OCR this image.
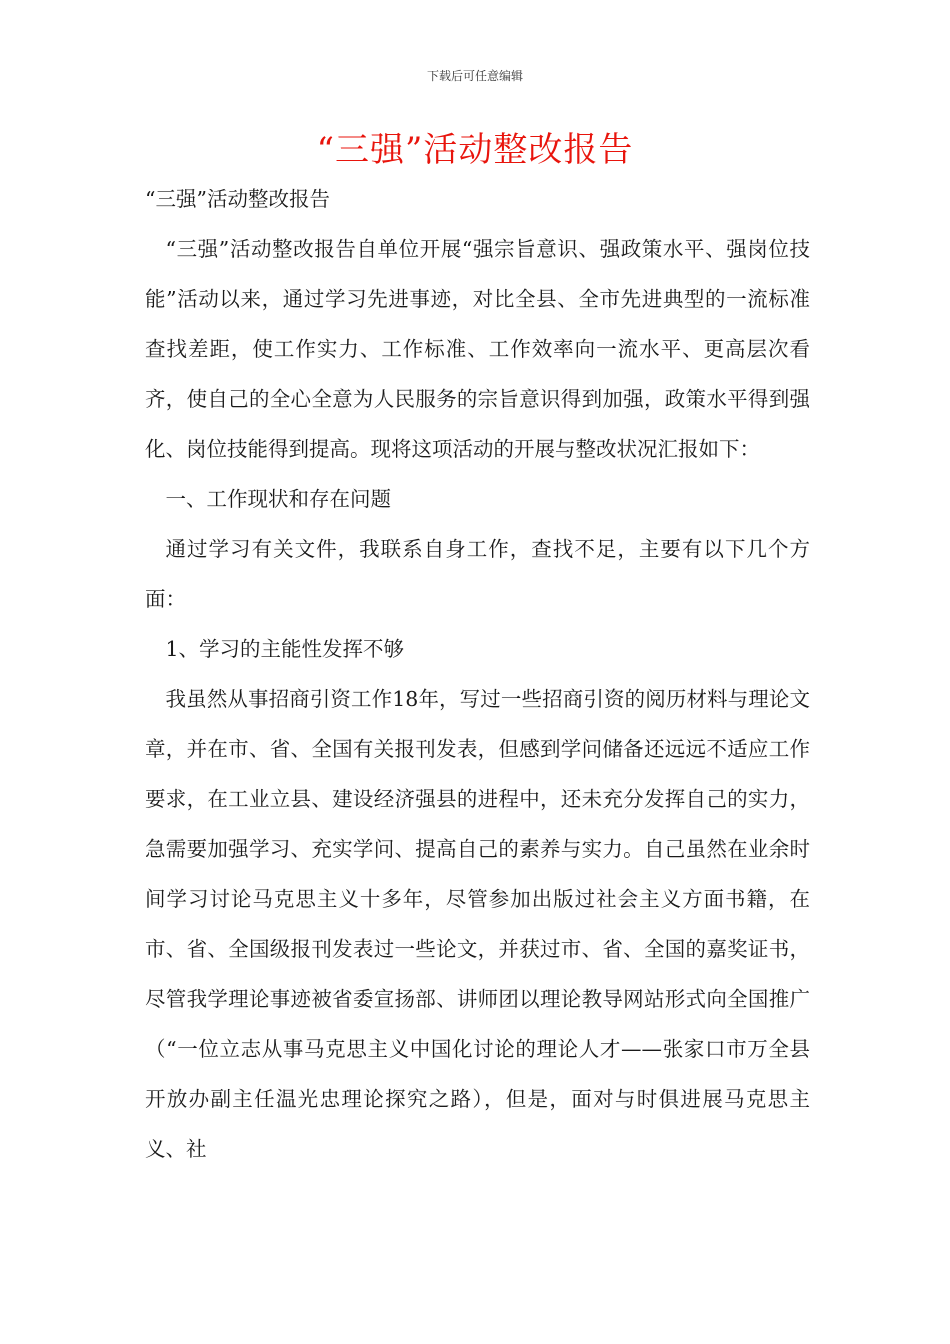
下载后可任意编辑
“三强”活动整改报告

“三强”活动整改报告

“三强”活动整改报告自单位开展“强宗旨意识、强政策水平、强岗位技能”活动以来，通过学习先进事迹，对比全县、全市先进典型的一流标准查找差距，使工作实力、工作标准、工作效率向一流水平、更高层次看齐，使自己的全心全意为人民服务的宗旨意识得到加强，政策水平得到强化、岗位技能得到提高。现将这项活动的开展与整改状况汇报如下：

一、工作现状和存在问题

通过学习有关文件，我联系自身工作，查找不足，主要有以下几个方面：

1、学习的主能性发挥不够

我虽然从事招商引资工作18年，写过一些招商引资的阅历材料与理论文章，并在市、省、全国有关报刊发表，但感到学问储备还远远不适应工作要求，在工业立县、建设经济强县的进程中，还未充分发挥自己的实力，急需要加强学习、充实学问、提高自己的素养与实力。自己虽然在业余时间学习讨论马克思主义十多年，尽管参加出版过社会主义方面书籍，在市、省、全国级报刊发表过一些论文，并获过市、省、全国的嘉奖证书，尽管我学理论事迹被省委宣扬部、讲师团以理论教导网站形式向全国推广（“一位立志从事马克思主义中国化讨论的理论人才——张家口市万全县开放办副主任温光忠理论探究之路），但是，面对与时俱进展马克思主义、社
